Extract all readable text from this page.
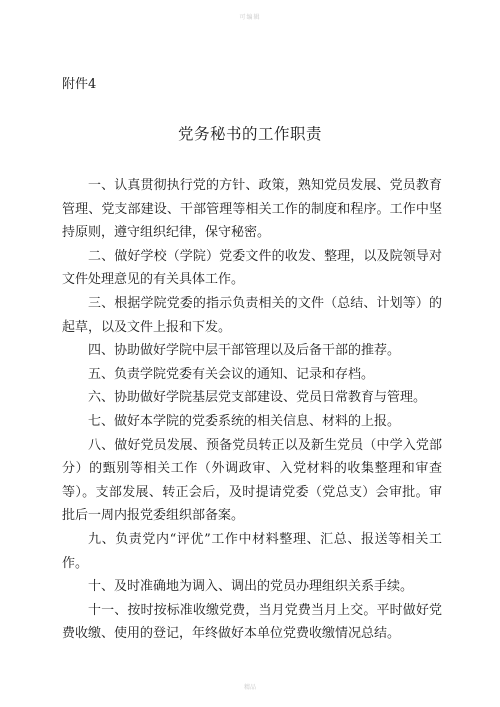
可编辑
附件4
党务秘书的工作职责

一、认真贯彻执行党的方针、政策，熟知党员发展、党员教育管理、党支部建设、干部管理等相关工作的制度和程序。工作中坚持原则，遵守组织纪律，保守秘密。

二、做好学校（学院）党委文件的收发、整理，以及院领导对文件处理意见的有关具体工作。

三、根据学院党委的指示负责相关的文件（总结、计划等）的起草，以及文件上报和下发。

四、协助做好学院中层干部管理以及后备干部的推荐。

五、负责学院党委有关会议的通知、记录和存档。

六、协助做好学院基层党支部建设、党员日常教育与管理。

七、做好本学院的党委系统的相关信息、材料的上报。

八、做好党员发展、预备党员转正以及新生党员（中学入党部分）的甄别等相关工作（外调政审、入党材料的收集整理和审查等）。支部发展、转正会后，及时提请党委（党总支）会审批。审批后一周内报党委组织部备案。

九、负责党内“评优”工作中材料整理、汇总、报送等相关工作。

十、及时准确地为调入、调出的党员办理组织关系手续。

十一、按时按标准收缴党费，当月党费当月上交。平时做好党费收缴、使用的登记，年终做好本单位党费收缴情况总结。

精品
